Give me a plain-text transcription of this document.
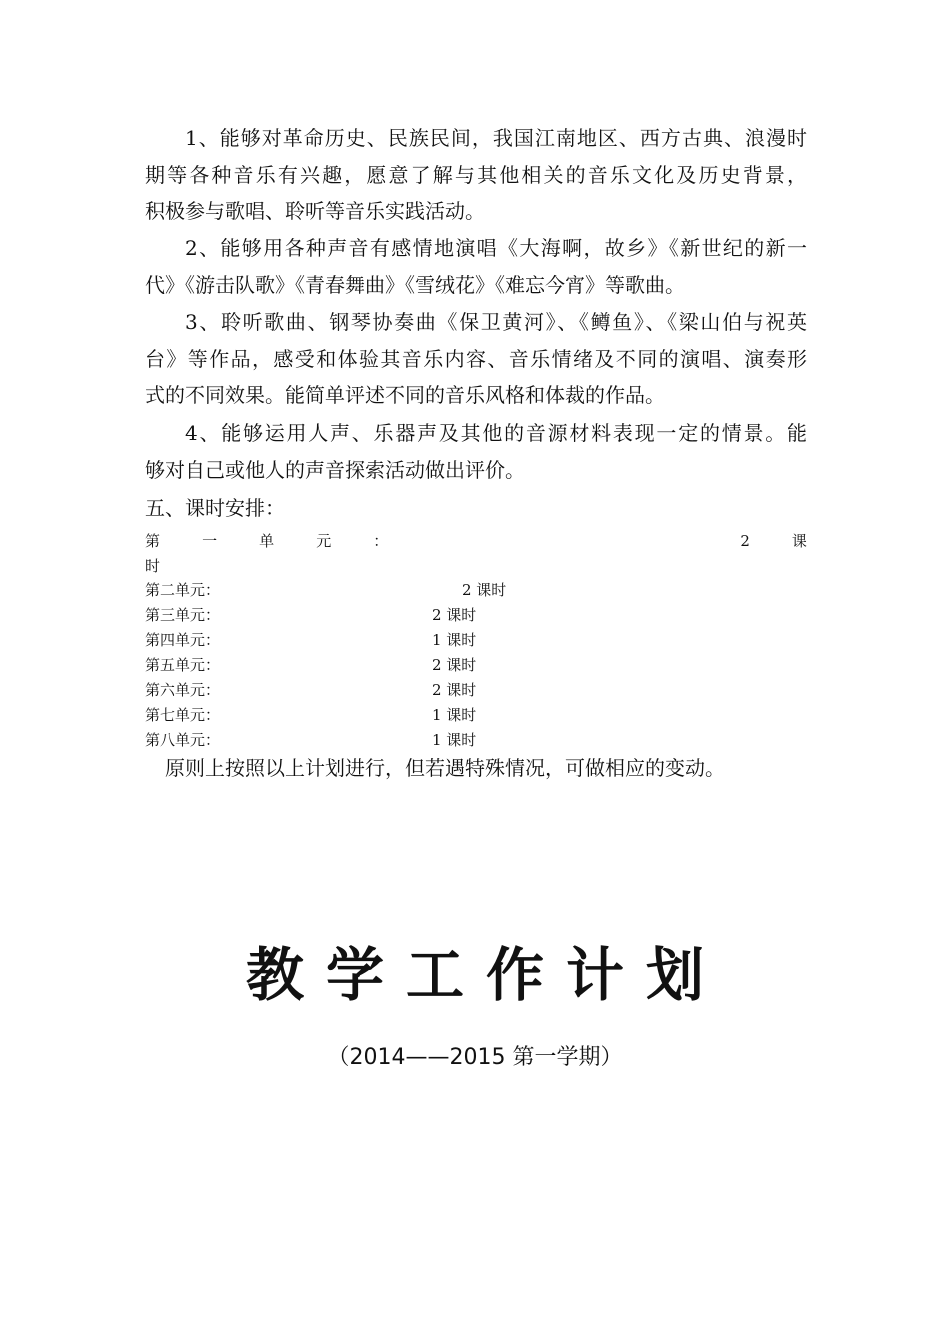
1、能够对革命历史、民族民间，我国江南地区、西方古典、浪漫时
期等各种音乐有兴趣，愿意了解与其他相关的音乐文化及历史背景，
积极参与歌唱、聆听等音乐实践活动。
2、能够用各种声音有感情地演唱《大海啊，故乡》《新世纪的新一
代》《游击队歌》《青春舞曲》《雪绒花》《难忘今宵》等歌曲。
3、聆听歌曲、钢琴协奏曲《保卫黄河》、《鳟鱼》、《梁山伯与祝英
台》等作品，感受和体验其音乐内容、音乐情绪及不同的演唱、演奏形
式的不同效果。能简单评述不同的音乐风格和体裁的作品。
4、能够运用人声、乐器声及其他的音源材料表现一定的情景。能
够对自己或他人的声音探索活动做出评价。

五、课时安排：

第	一	单	元	：	2	课
时
第二单元：	2 课时
第三单元：	2 课时
第四单元：	1 课时
第五单元：	2 课时
第六单元：	2 课时
第七单元：	1 课时
第八单元：	1 课时

原则上按照以上计划进行，但若遇特殊情况，可做相应的变动。

教学工作计划
（2014——2015 第一学期）
